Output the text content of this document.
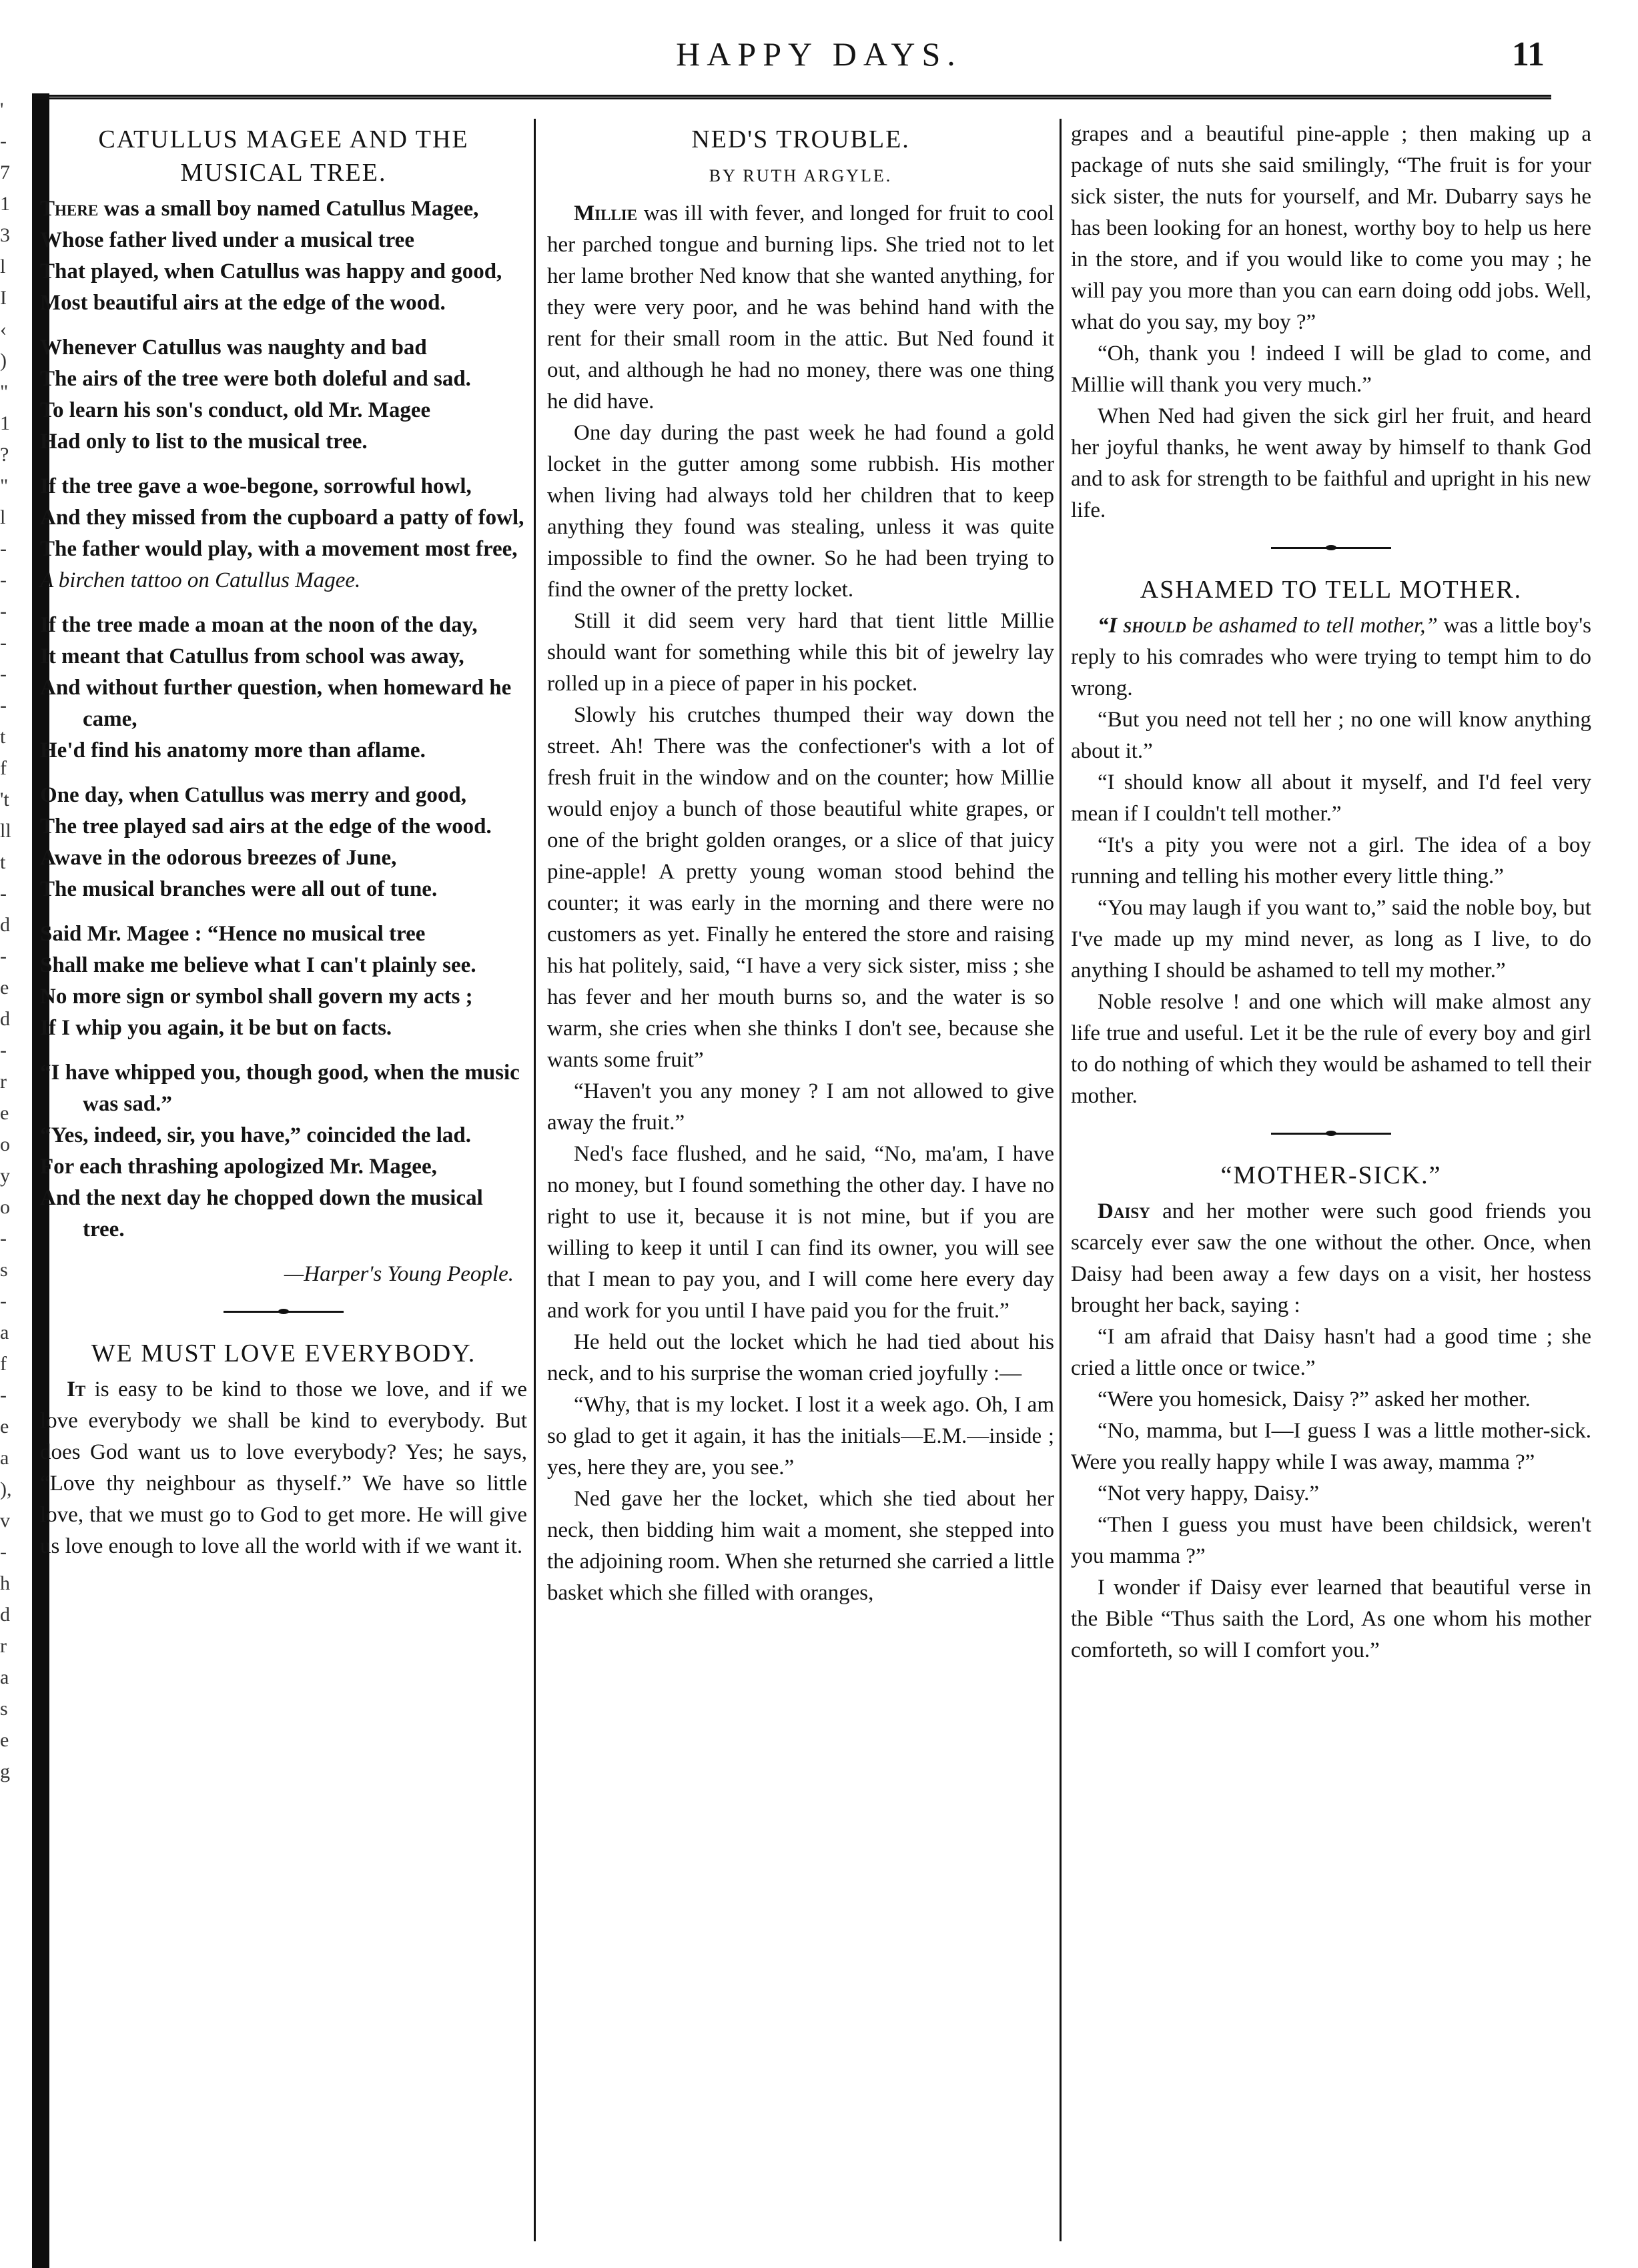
'
-
7
1
3
l
I
‹
)
"
1
?
"
l
-
-
-
-
-
-
t
f
't
ll
t
-
d
-
e
d
-
r
e
o
y
o
-
s
-
a
f
-
e
a
),
v
-
h
d
r
a
s
e
g
HAPPY DAYS.	11
CATULLUS MAGEE AND THE MUSICAL TREE.
There was a small boy named Catullus Magee,
Whose father lived under a musical tree
That played, when Catullus was happy and good,
Most beautiful airs at the edge of the wood.
Whenever Catullus was naughty and bad
The airs of the tree were both doleful and sad.
To learn his son's conduct, old Mr. Magee
Had only to list to the musical tree.
If the tree gave a woe-begone, sorrowful howl,
And they missed from the cupboard a patty of fowl,
The father would play, with a movement most free,
A birchen tattoo on Catullus Magee.
If the tree made a moan at the noon of the day,
It meant that Catullus from school was away,
And without further question, when homeward he came,
He'd find his anatomy more than aflame.
One day, when Catullus was merry and good,
The tree played sad airs at the edge of the wood.
Awave in the odorous breezes of June,
The musical branches were all out of tune.
Said Mr. Magee : “Hence no musical tree
Shall make me believe what I can't plainly see.
No more sign or symbol shall govern my acts ;
If I whip you again, it be but on facts.
“I have whipped you, though good, when the music was sad.”
“Yes, indeed, sir, you have,” coincided the lad.
For each thrashing apologized Mr. Magee,
And the next day he chopped down the musical tree.
—Harper's Young People.
WE MUST LOVE EVERYBODY.

It is easy to be kind to those we love, and if we love everybody we shall be kind to everybody. But does God want us to love everybody? Yes; he says, “Love thy neighbour as thyself.” We have so little love, that we must go to God to get more. He will give us love enough to love all the world with if we want it.

NED'S TROUBLE.
BY RUTH ARGYLE.

Millie was ill with fever, and longed for fruit to cool her parched tongue and burning lips. She tried not to let her lame brother Ned know that she wanted anything, for they were very poor, and he was behind hand with the rent for their small room in the attic. But Ned found it out, and although he had no money, there was one thing he did have.

One day during the past week he had found a gold locket in the gutter among some rubbish. His mother when living had always told her children that to keep anything they found was stealing, unless it was quite impossible to find the owner. So he had been trying to find the owner of the pretty locket.

Still it did seem very hard that tient little Millie should want for something while this bit of jewelry lay rolled up in a piece of paper in his pocket.

Slowly his crutches thumped their way down the street. Ah! There was the confectioner's with a lot of fresh fruit in the window and on the counter; how Millie would enjoy a bunch of those beautiful white grapes, or one of the bright golden oranges, or a slice of that juicy pine-apple! A pretty young woman stood behind the counter; it was early in the morning and there were no customers as yet. Finally he entered the store and raising his hat politely, said, “I have a very sick sister, miss ; she has fever and her mouth burns so, and the water is so warm, she cries when she thinks I don't see, because she wants some fruit”

“Haven't you any money ? I am not allowed to give away the fruit.”

Ned's face flushed, and he said, “No, ma'am, I have no money, but I found something the other day. I have no right to use it, because it is not mine, but if you are willing to keep it until I can find its owner, you will see that I mean to pay you, and I will come here every day and work for you until I have paid you for the fruit.”

He held out the locket which he had tied about his neck, and to his surprise the woman cried joyfully :—

“Why, that is my locket. I lost it a week ago. Oh, I am so glad to get it again, it has the initials—E.M.—inside ; yes, here they are, you see.”

Ned gave her the locket, which she tied about her neck, then bidding him wait a moment, she stepped into the adjoining room. When she returned she carried a little basket which she filled with oranges,

grapes and a beautiful pine-apple ; then making up a package of nuts she said smilingly, “The fruit is for your sick sister, the nuts for yourself, and Mr. Dubarry says he has been looking for an honest, worthy boy to help us here in the store, and if you would like to come you may ; he will pay you more than you can earn doing odd jobs. Well, what do you say, my boy ?”

“Oh, thank you ! indeed I will be glad to come, and Millie will thank you very much.”

When Ned had given the sick girl her fruit, and heard her joyful thanks, he went away by himself to thank God and to ask for strength to be faithful and upright in his new life.

ASHAMED TO TELL MOTHER.

“I should be ashamed to tell mother,” was a little boy's reply to his comrades who were trying to tempt him to do wrong.

“But you need not tell her ; no one will know anything about it.”

“I should know all about it myself, and I'd feel very mean if I couldn't tell mother.”

“It's a pity you were not a girl. The idea of a boy running and telling his mother every little thing.”

“You may laugh if you want to,” said the noble boy, but I've made up my mind never, as long as I live, to do anything I should be ashamed to tell my mother.”

Noble resolve ! and one which will make almost any life true and useful. Let it be the rule of every boy and girl to do nothing of which they would be ashamed to tell their mother.

“MOTHER-SICK.”

Daisy and her mother were such good friends you scarcely ever saw the one without the other. Once, when Daisy had been away a few days on a visit, her hostess brought her back, saying :

“I am afraid that Daisy hasn't had a good time ; she cried a little once or twice.”

“Were you homesick, Daisy ?” asked her mother.

“No, mamma, but I—I guess I was a little mother-sick. Were you really happy while I was away, mamma ?”

“Not very happy, Daisy.”

“Then I guess you must have been childsick, weren't you mamma ?”

I wonder if Daisy ever learned that beautiful verse in the Bible “Thus saith the Lord, As one whom his mother comforteth, so will I comfort you.”
